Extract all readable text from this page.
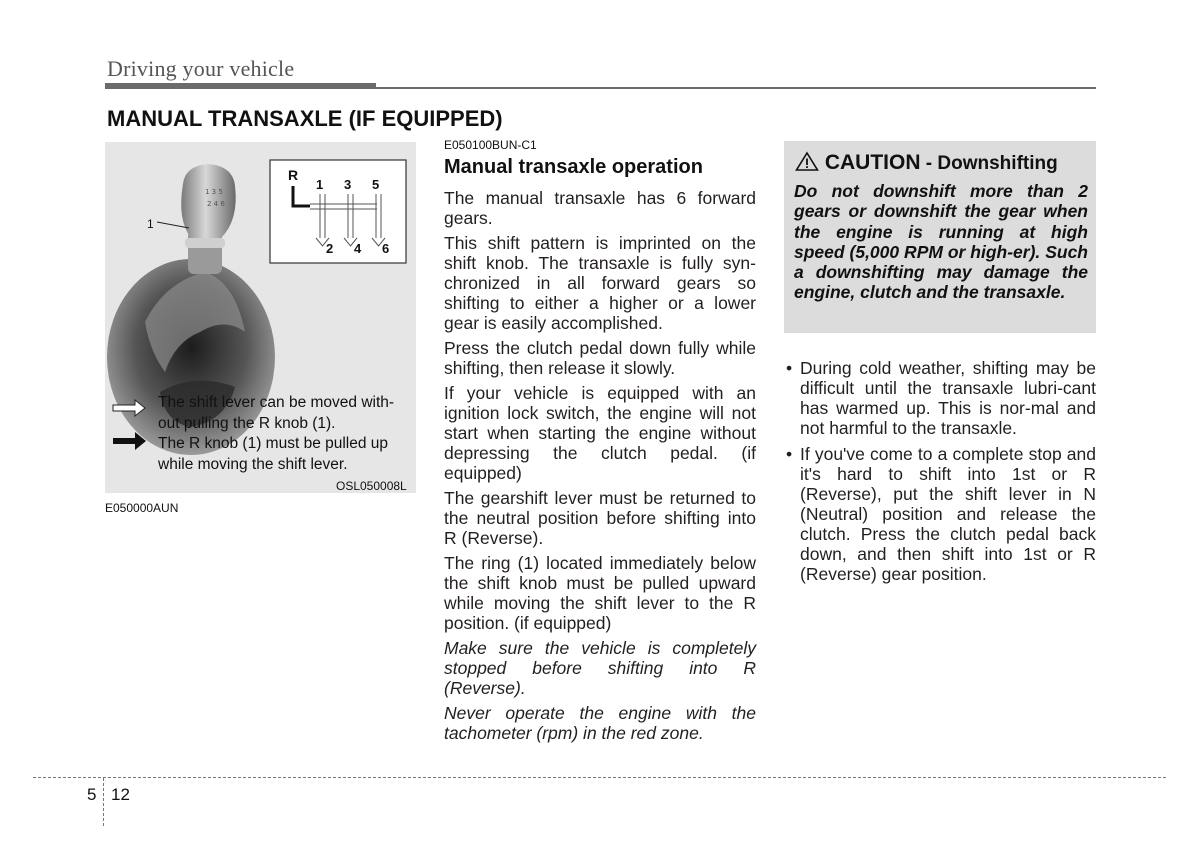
Driving your vehicle
MANUAL TRANSAXLE (IF EQUIPPED)
1 3 5
2 4 6
1
R
1 3 5
2 4 6
The shift lever can be moved with-
out pulling the R knob (1).
The R knob (1) must be pulled up
while moving the shift lever.
OSL050008L
E050000AUN
E050100BUN-C1
Manual transaxle operation

The manual transaxle has 6 forward gears.

This shift pattern is imprinted on the shift knob. The transaxle is fully syn-chronized in all forward gears so shifting to either a higher or a lower gear is easily accomplished.

Press the clutch pedal down fully while shifting, then release it slowly.

If your vehicle is equipped with an ignition lock switch, the engine will not start when starting the engine without depressing the clutch pedal. (if equipped)

The gearshift lever must be returned to the neutral position before shifting into R (Reverse).

The ring (1) located immediately below the shift knob must be pulled upward while moving the shift lever to the R position. (if equipped)

Make sure the vehicle is completely stopped before shifting into R (Reverse).

Never operate the engine with the tachometer (rpm) in the red zone.

CAUTION - Downshifting
Do not downshift more than 2 gears or downshift the gear when the engine is running at high speed (5,000 RPM or high-er). Such a downshifting may damage the engine, clutch and the transaxle.
• During cold weather, shifting may be difficult until the transaxle lubri-cant has warmed up. This is nor-mal and not harmful to the transaxle.
• If you've come to a complete stop and it's hard to shift into 1st or R (Reverse), put the shift lever in N (Neutral) position and release the clutch. Press the clutch pedal back down, and then shift into 1st or R (Reverse) gear position.
5 12
